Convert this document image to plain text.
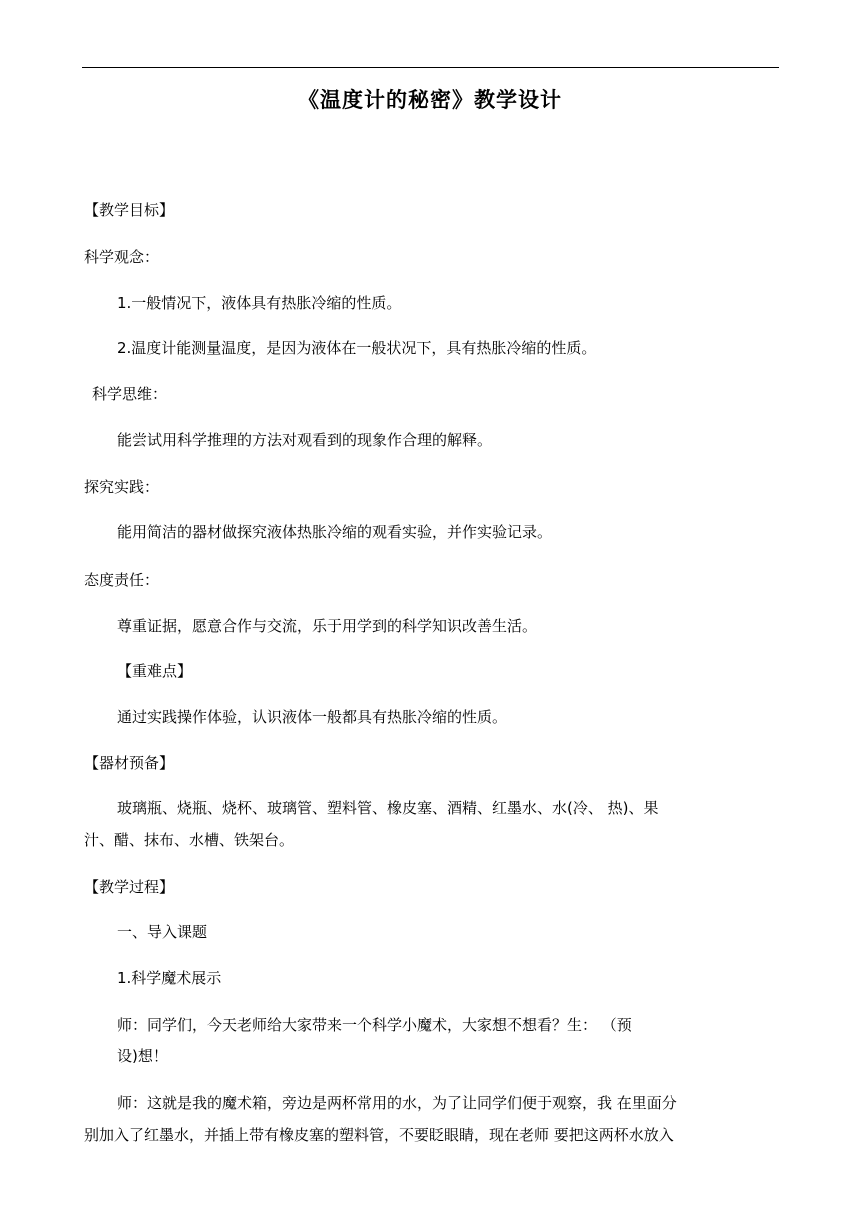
《温度计的秘密》教学设计
【教学目标】
科学观念：
1.一般情况下，液体具有热胀冷缩的性质。
2.温度计能测量温度，是因为液体在一般状况下，具有热胀冷缩的性质。
科学思维：
能尝试用科学推理的方法对观看到的现象作合理的解释。
探究实践：
能用简洁的器材做探究液体热胀冷缩的观看实验，并作实验记录。
态度责任：
尊重证据，愿意合作与交流，乐于用学到的科学知识改善生活。
【重难点】
通过实践操作体验，认识液体一般都具有热胀冷缩的性质。
【器材预备】
玻璃瓶、烧瓶、烧杯、玻璃管、塑料管、橡皮塞、酒精、红墨水、水(冷、 热)、果
汁、醋、抹布、水槽、铁架台。
【教学过程】
一、导入课题
1.科学魔术展示
师：同学们，今天老师给大家带来一个科学小魔术，大家想不想看？生： （预
设)想！
师：这就是我的魔术箱，旁边是两杯常用的水，为了让同学们便于观察，我 在里面分
别加入了红墨水，并插上带有橡皮塞的塑料管，不要眨眼睛，现在老师 要把这两杯水放入
